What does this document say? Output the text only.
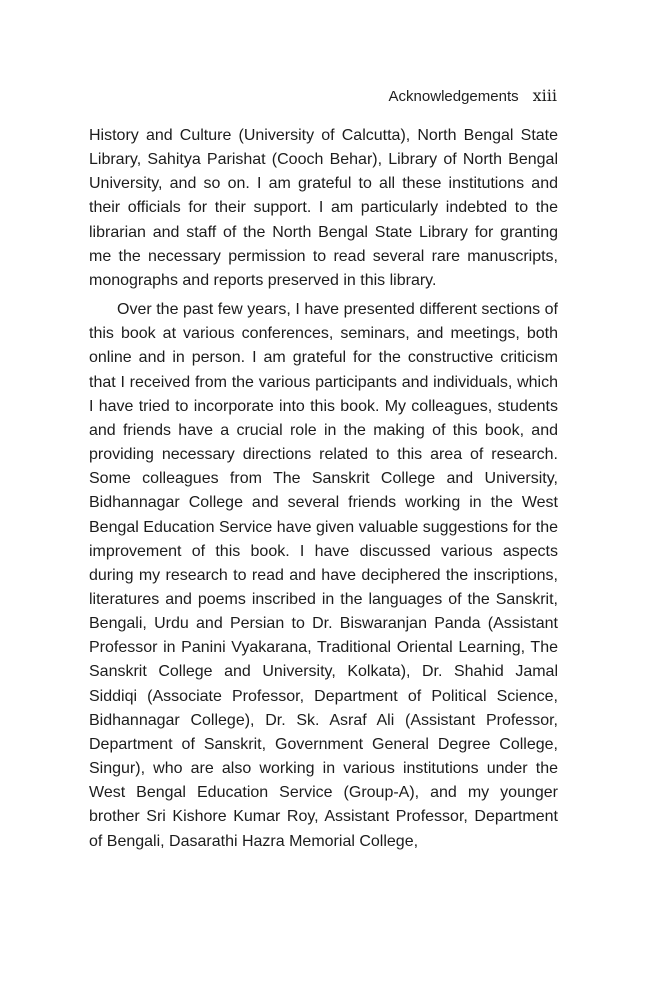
Acknowledgements xiii

History and Culture (University of Calcutta), North Bengal State Library, Sahitya Parishat (Cooch Behar), Library of North Bengal University, and so on. I am grateful to all these institutions and their officials for their support. I am particularly indebted to the librarian and staff of the North Bengal State Library for granting me the necessary permission to read several rare manuscripts, monographs and reports preserved in this library.

Over the past few years, I have presented different sections of this book at various conferences, seminars, and meetings, both online and in person. I am grateful for the constructive criticism that I received from the various participants and individuals, which I have tried to incorporate into this book. My colleagues, students and friends have a crucial role in the making of this book, and providing necessary directions related to this area of research. Some colleagues from The Sanskrit College and University, Bidhannagar College and several friends working in the West Bengal Education Service have given valuable suggestions for the improvement of this book. I have discussed various aspects during my research to read and have deciphered the inscriptions, literatures and poems inscribed in the languages of the Sanskrit, Bengali, Urdu and Persian to Dr. Biswaranjan Panda (Assistant Professor in Panini Vyakarana, Traditional Oriental Learning, The Sanskrit College and University, Kolkata), Dr. Shahid Jamal Siddiqi (Associate Professor, Department of Political Science, Bidhannagar College), Dr. Sk. Asraf Ali (Assistant Professor, Department of Sanskrit, Government General Degree College, Singur), who are also working in various institutions under the West Bengal Education Service (Group-A), and my younger brother Sri Kishore Kumar Roy, Assistant Professor, Department of Bengali, Dasarathi Hazra Memorial College,
